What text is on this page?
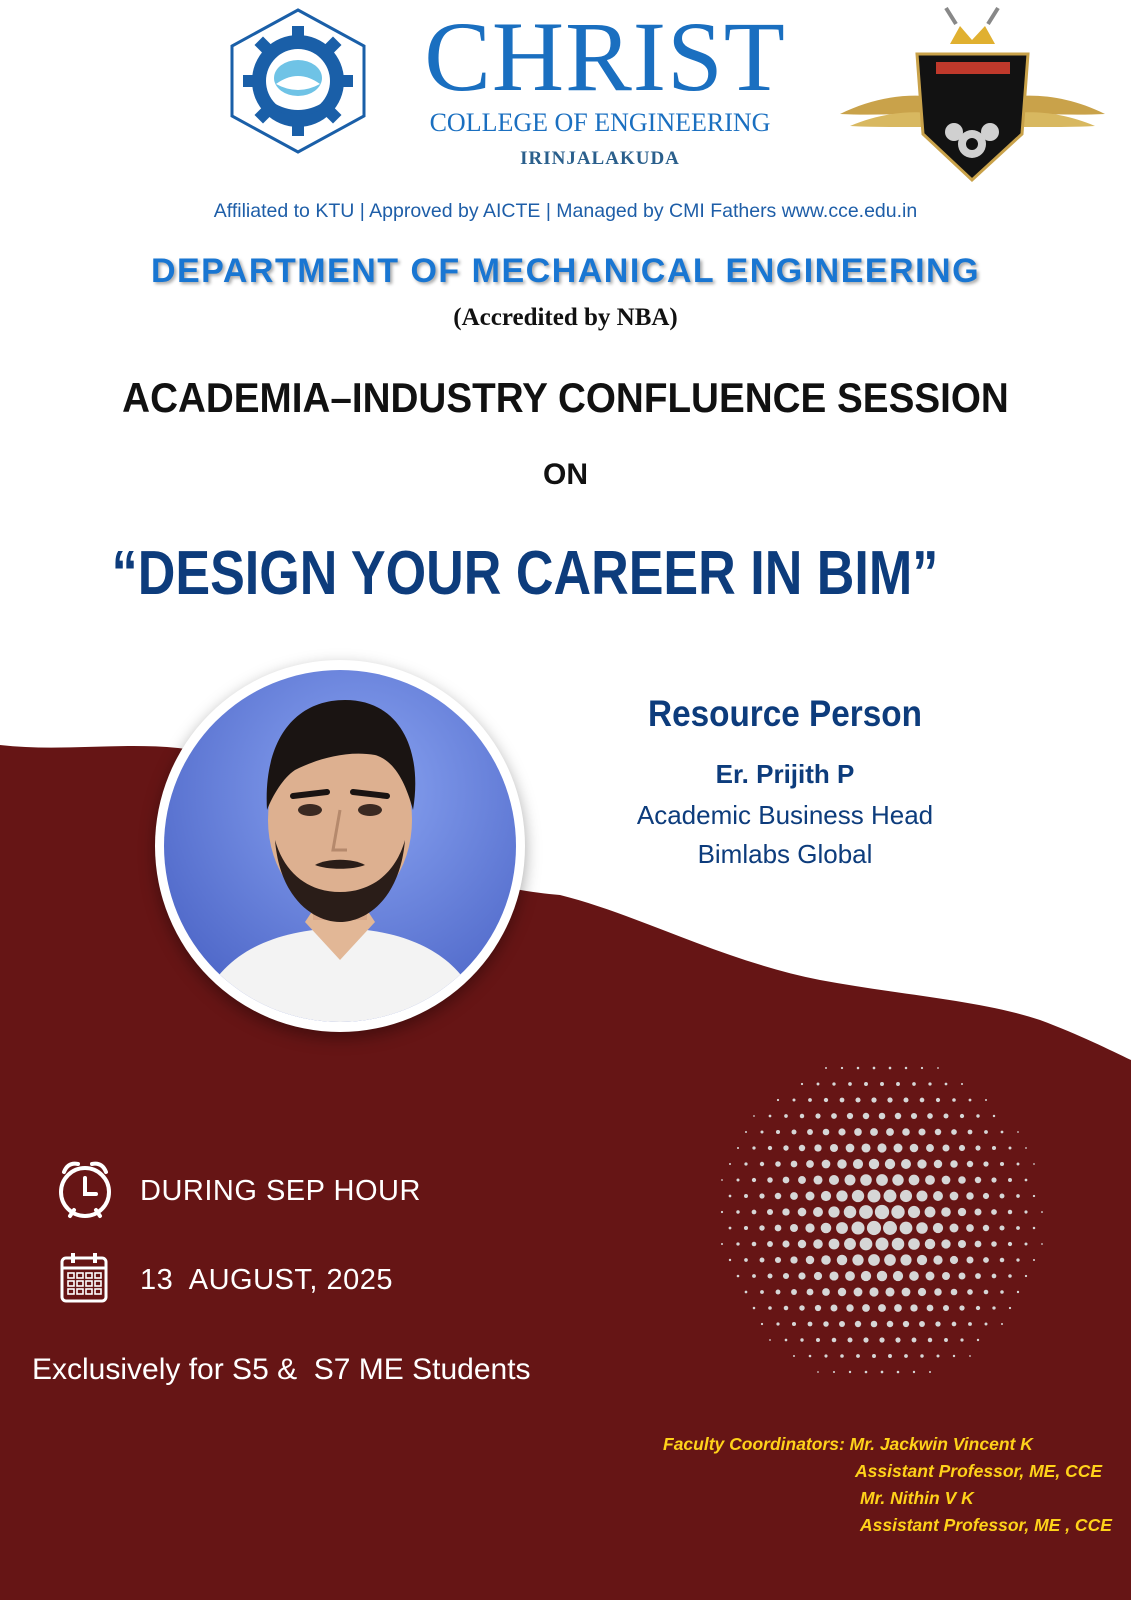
CHRIST
COLLEGE OF ENGINEERING
IRINJALAKUDA
Affiliated to KTU | Approved by AICTE | Managed by CMI Fathers www.cce.edu.in
DEPARTMENT OF MECHANICAL ENGINEERING
(Accredited by NBA)
ACADEMIA–INDUSTRY CONFLUENCE SESSION
ON
“DESIGN YOUR CAREER IN BIM”
Resource Person
Er. Prijith P
Academic Business Head
Bimlabs Global
DURING SEP HOUR
13  AUGUST, 2025
Exclusively for S5 &  S7 ME Students
Faculty Coordinators: Mr. Jackwin Vincent K
Assistant Professor, ME, CCE
Mr. Nithin V K
Assistant Professor, ME , CCE
